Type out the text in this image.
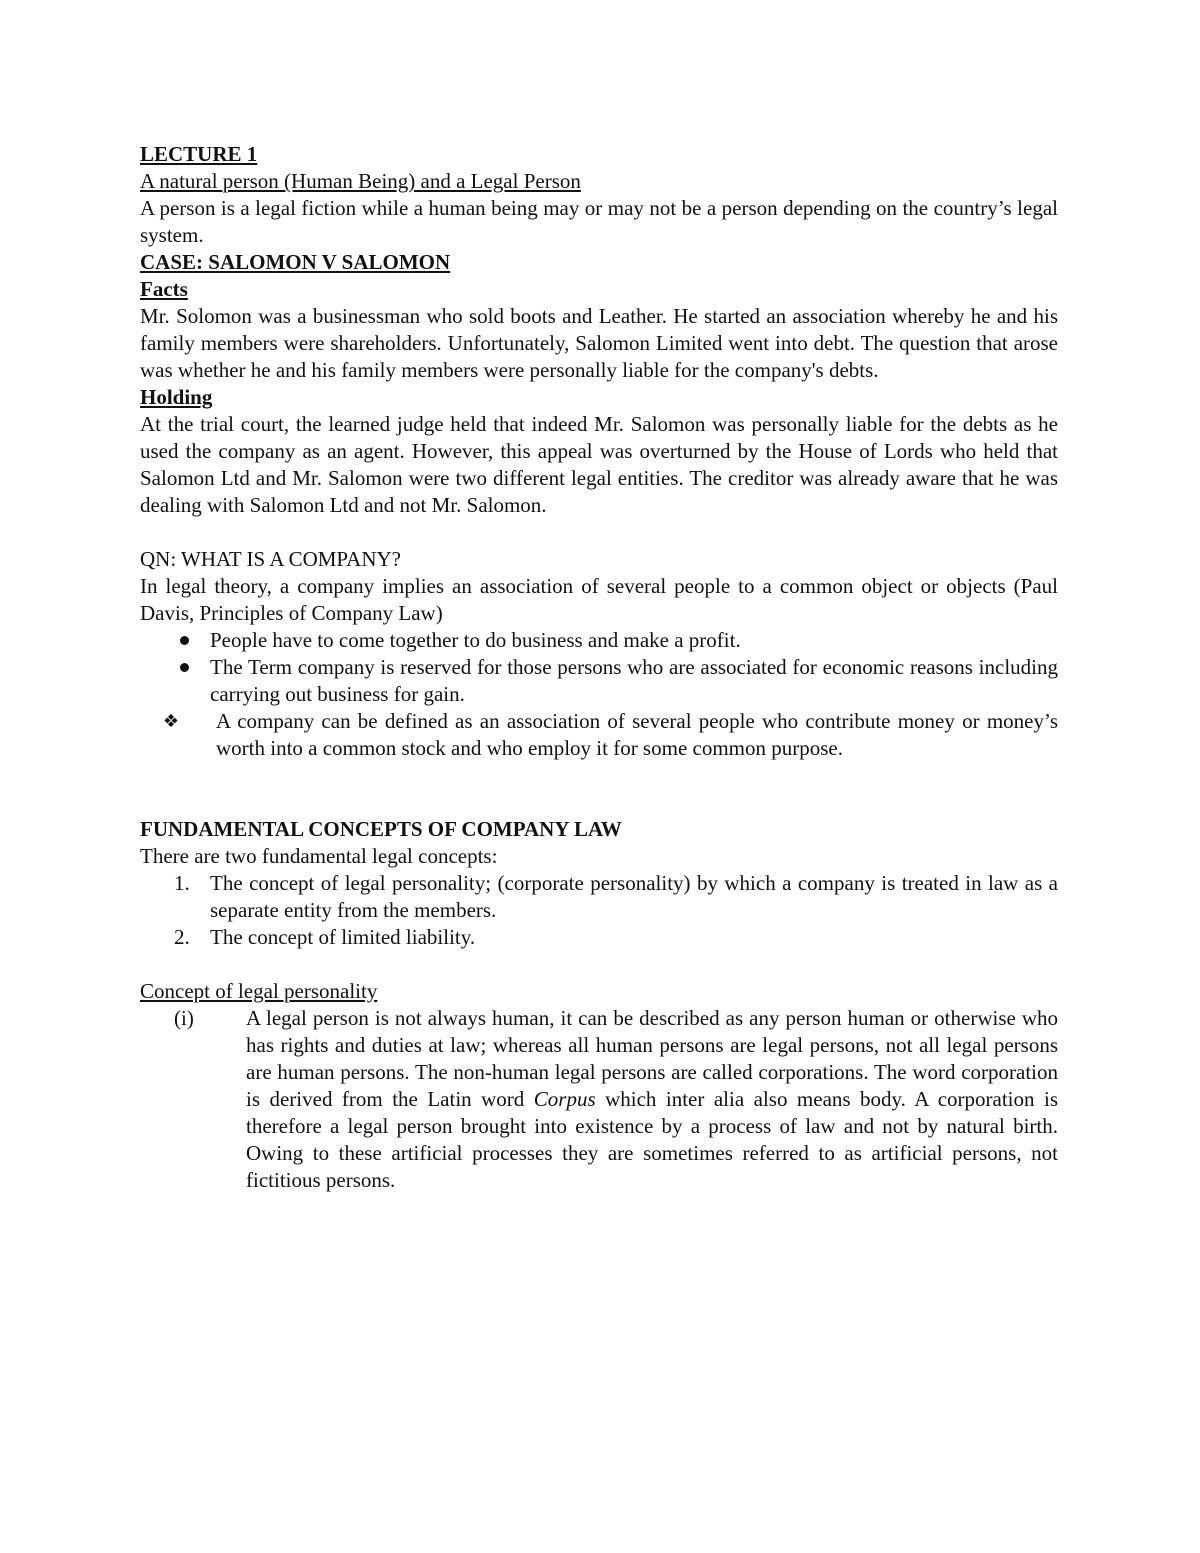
LECTURE 1

A natural person (Human Being) and a Legal Person

A person is a legal fiction while a human being may or may not be a person depending on the country’s legal system.

CASE: SALOMON V SALOMON

Facts

Mr. Solomon was a businessman who sold boots and Leather. He started an association whereby he and his family members were shareholders. Unfortunately, Salomon Limited went into debt. The question that arose was whether he and his family members were personally liable for the company's debts.

Holding

At the trial court, the learned judge held that indeed Mr. Salomon was personally liable for the debts as he used the company as an agent. However, this appeal was overturned by the House of Lords who held that Salomon Ltd and Mr. Salomon were two different legal entities. The creditor was already aware that he was dealing with Salomon Ltd and not Mr. Salomon.

QN: WHAT IS A COMPANY?

In legal theory, a company implies an association of several people to a common object or objects (Paul Davis, Principles of Company Law)

People have to come together to do business and make a profit.
The Term company is reserved for those persons who are associated for economic reasons including carrying out business for gain.
❖ A company can be defined as an association of several people who contribute money or money’s worth into a common stock and who employ it for some common purpose.

FUNDAMENTAL CONCEPTS OF COMPANY LAW

There are two fundamental legal concepts:

1. The concept of legal personality; (corporate personality) by which a company is treated in law as a separate entity from the members.
2. The concept of limited liability.

Concept of legal personality

(i) A legal person is not always human, it can be described as any person human or otherwise who has rights and duties at law; whereas all human persons are legal persons, not all legal persons are human persons. The non-human legal persons are called corporations. The word corporation is derived from the Latin word Corpus which inter alia also means body. A corporation is therefore a legal person brought into existence by a process of law and not by natural birth. Owing to these artificial processes they are sometimes referred to as artificial persons, not fictitious persons.
